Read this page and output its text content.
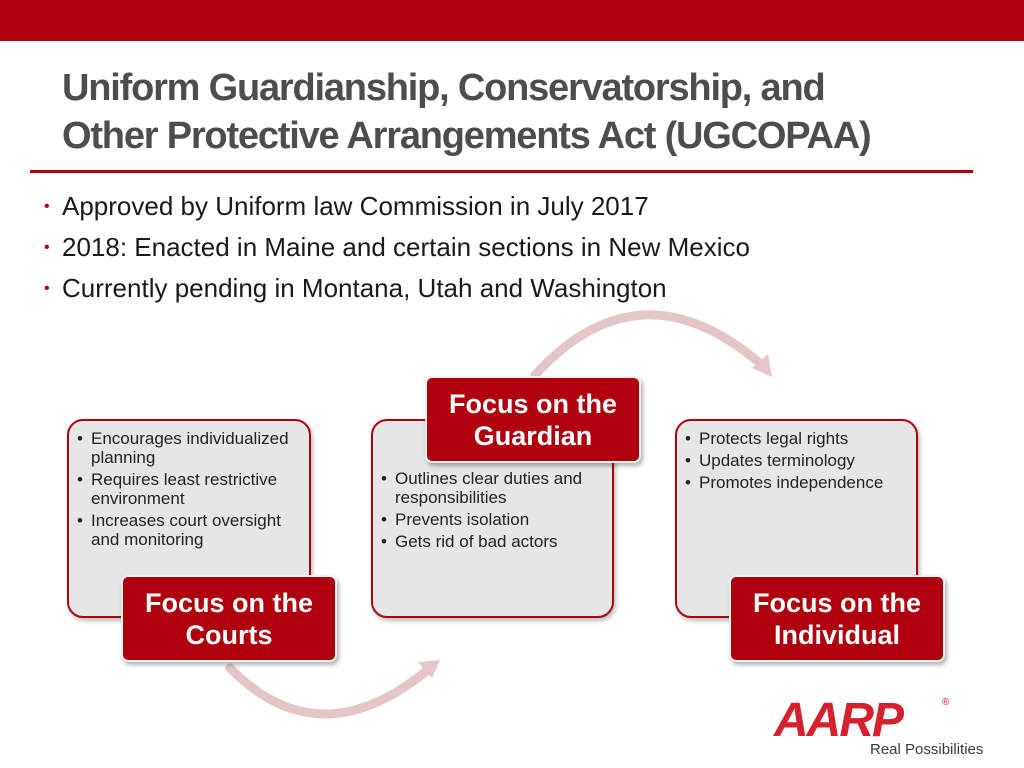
Uniform Guardianship, Conservatorship, and
Other Protective Arrangements Act (UGCOPAA)
• Approved by Uniform law Commission in July 2017
• 2018: Enacted in Maine and certain sections in New Mexico
• Currently pending in Montana, Utah and Washington
• Encourages individualized
planning
• Requires least restrictive
environment
• Increases court oversight
and monitoring
Focus on the
Courts
• Outlines clear duties and
responsibilities
• Prevents isolation
• Gets rid of bad actors
Focus on the
Guardian	• Protects legal rights
• Updates terminology
• Promotes independence
Focus on the
Individual
AARP	®
Real Possibilities
